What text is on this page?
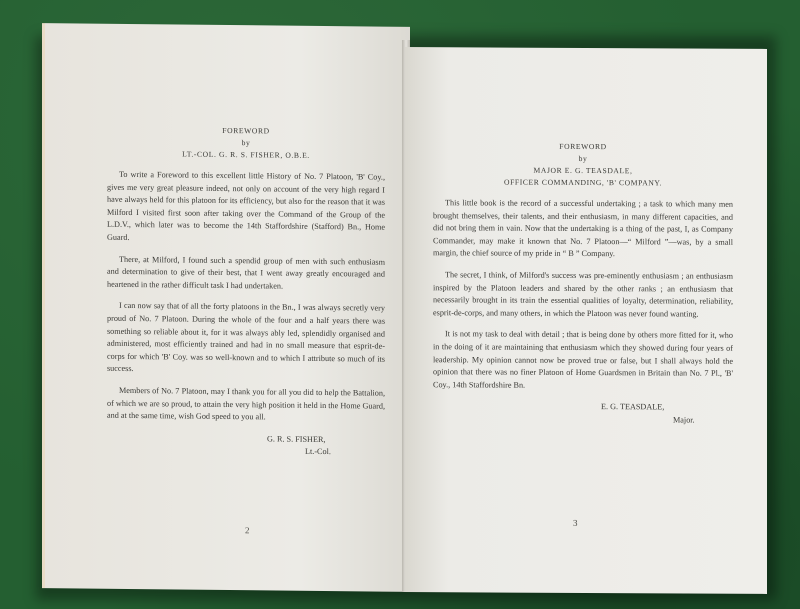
FOREWORD
by
LT.-COL. G. R. S. FISHER, O.B.E.

To write a Foreword to this excellent little History of No. 7 Platoon, 'B' Coy., gives me very great pleasure indeed, not only on account of the very high regard I have always held for this platoon for its efficiency, but also for the reason that it was Milford I visited first soon after taking over the Command of the Group of the L.D.V., which later was to become the 14th Staffordshire (Stafford) Bn., Home Guard.

There, at Milford, I found such a spendid group of men with such enthusiasm and determination to give of their best, that I went away greatly encouraged and heartened in the rather difficult task I had undertaken.

I can now say that of all the forty platoons in the Bn., I was always secretly very proud of No. 7 Platoon. During the whole of the four and a half years there was something so reliable about it, for it was always ably led, splendidly organised and administered, most efficiently trained and had in no small measure that esprit-de-corps for which 'B' Coy. was so well-known and to which I attribute so much of its success.

Members of No. 7 Platoon, may I thank you for all you did to help the Battalion, of which we are so proud, to attain the very high position it held in the Home Guard, and at the same time, wish God speed to you all.

G. R. S. FISHER,
Lt.-Col.
2
FOREWORD
by
MAJOR E. G. TEASDALE,
OFFICER COMMANDING, 'B' COMPANY.

This little book is the record of a successful undertaking ; a task to which many men brought themselves, their talents, and their enthusiasm, in many different capacities, and did not bring them in vain. Now that the undertaking is a thing of the past, I, as Company Commander, may make it known that No. 7 Platoon—“ Milford ”—was, by a small margin, the chief source of my pride in “ B ” Company.

The secret, I think, of Milford's success was pre-eminently enthusiasm ; an enthusiasm inspired by the Platoon leaders and shared by the other ranks ; an enthusiasm that necessarily brought in its train the essential qualities of loyalty, determination, reliability, esprit-de-corps, and many others, in which the Platoon was never found wanting.

It is not my task to deal with detail ; that is being done by others more fitted for it, who in the doing of it are maintaining that enthusiasm which they showed during four years of leadership. My opinion cannot now be proved true or false, but I shall always hold the opinion that there was no finer Platoon of Home Guardsmen in Britain than No. 7 Pl., 'B' Coy., 14th Staffordshire Bn.

E. G. TEASDALE,
Major.
3
